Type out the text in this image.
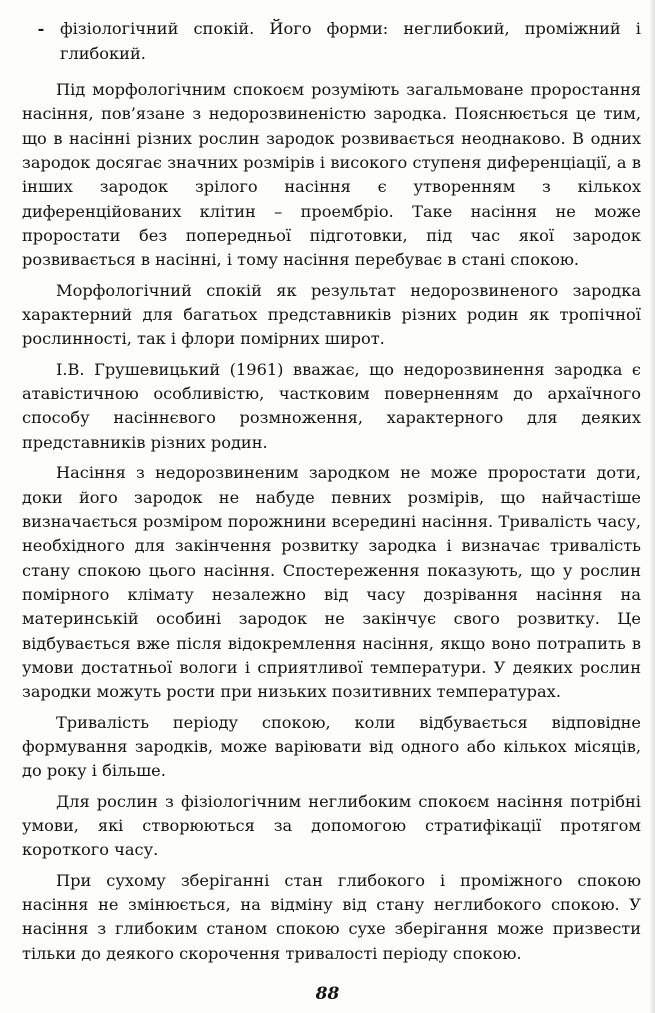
- фізіологічний спокій. Його форми: неглибокий, проміжний і глибокий.

Під морфологічним спокоєм розуміють загальмоване проростання насіння, пов’язане з недорозвиненістю зародка. Пояснюється це тим, що в насінні різних рослин зародок розвивається неоднаково. В одних зародок досягає значних розмірів і високого ступеня диференціації, а в інших зародок зрілого насіння є утворенням з кількох диференційованих клітин – проембріо. Таке насіння не може проростати без попередньої підготовки, під час якої зародок розвивається в насінні, і тому насіння перебуває в стані спокою.

Морфологічний спокій як результат недорозвиненого зародка характерний для багатьох представників різних родин як тропічної рослинності, так і флори помірних широт.

І.В. Грушевицький (1961) вважає, що недорозвинення зародка є атавістичною особливістю, частковим поверненням до архаїчного способу насіннєвого розмноження, характерного для деяких представників різних родин.

Насіння з недорозвиненим зародком не може проростати доти, доки його зародок не набуде певних розмірів, що найчастіше визначається розміром порожнини всередині насіння. Тривалість часу, необхідного для закінчення розвитку зародка і визначає тривалість стану спокою цього насіння. Спостереження показують, що у рослин помірного клімату незалежно від часу дозрівання насіння на материнській особині зародок не закінчує свого розвитку. Це відбувається вже після відокремлення насіння, якщо воно потрапить в умови достатньої вологи і сприятливої температури. У деяких рослин зародки можуть рости при низьких позитивних температурах.

Тривалість періоду спокою, коли відбувається відповідне формування зародків, може варіювати від одного або кількох місяців, до року і більше.

Для рослин з фізіологічним неглибоким спокоєм насіння потрібні умови, які створюються за допомогою стратифікації протягом короткого часу.

При сухому зберіганні стан глибокого і проміжного спокою насіння не змінюється, на відміну від стану неглибокого спокою. У насіння з глибоким станом спокою сухе зберігання може призвести тільки до деякого скорочення тривалості періоду спокою.

88
